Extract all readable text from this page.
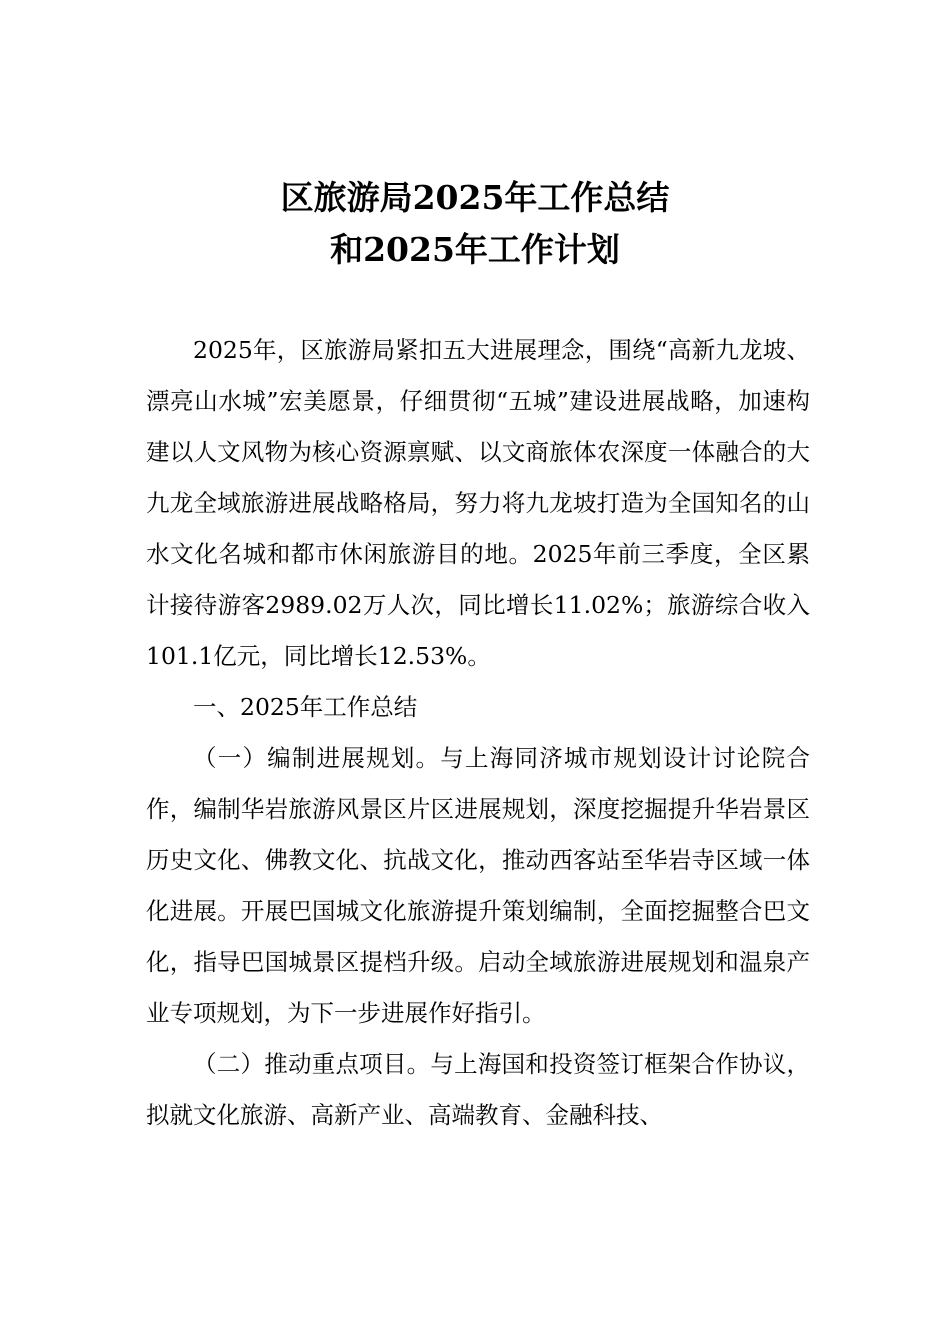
区旅游局2025年工作总结
和2025年工作计划

2025年，区旅游局紧扣五大进展理念，围绕“高新九龙坡、漂亮山水城”宏美愿景，仔细贯彻“五城”建设进展战略，加速构建以人文风物为核心资源禀赋、以文商旅体农深度一体融合的大九龙全域旅游进展战略格局，努力将九龙坡打造为全国知名的山水文化名城和都市休闲旅游目的地。2025年前三季度，全区累计接待游客2989.02万人次，同比增长11.02%；旅游综合收入101.1亿元，同比增长12.53%。

一、2025年工作总结

（一）编制进展规划。与上海同济城市规划设计讨论院合作，编制华岩旅游风景区片区进展规划，深度挖掘提升华岩景区历史文化、佛教文化、抗战文化，推动西客站至华岩寺区域一体化进展。开展巴国城文化旅游提升策划编制，全面挖掘整合巴文化，指导巴国城景区提档升级。启动全域旅游进展规划和温泉产业专项规划，为下一步进展作好指引。

（二）推动重点项目。与上海国和投资签订框架合作协议，拟就文化旅游、高新产业、高端教育、金融科技、
